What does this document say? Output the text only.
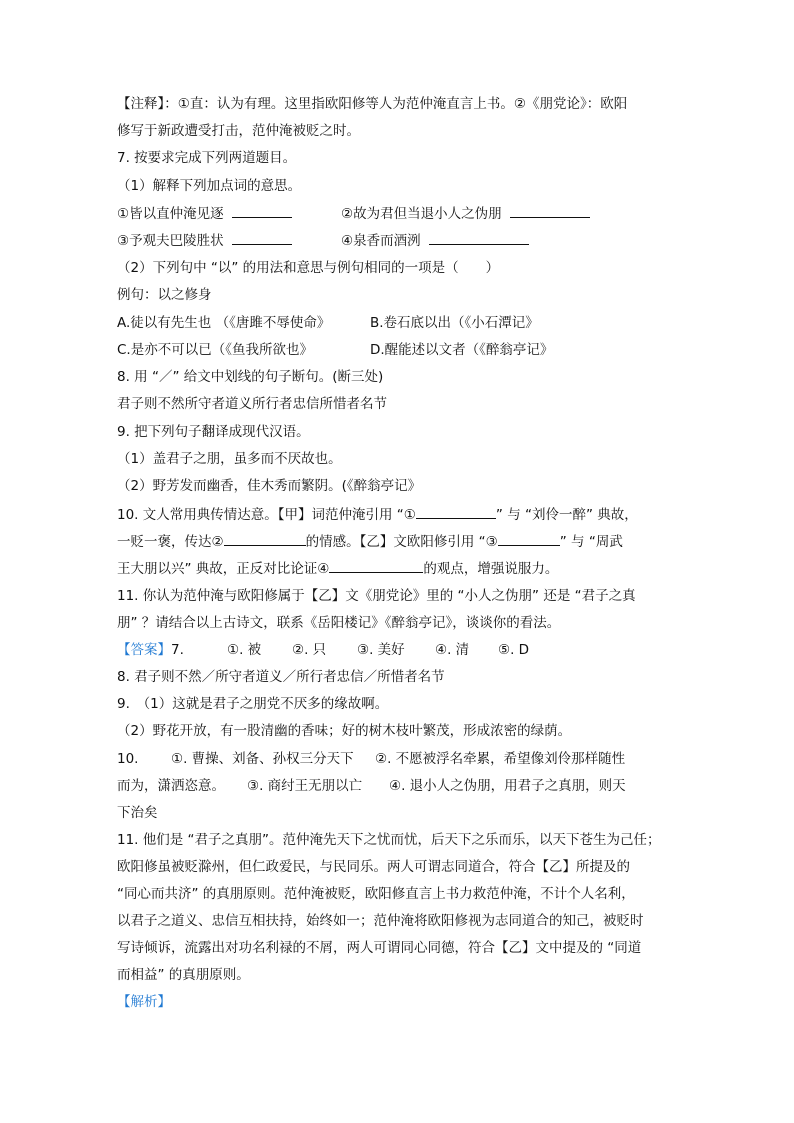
【注释】：①直：认为有理。这里指欧阳修等人为范仲淹直言上书。②《朋党论》：欧阳
修写于新政遭受打击，范仲淹被贬之时。
7. 按要求完成下列两道题目。
（1）解释下列加点词的意思。
①皆以直仲淹见逐	②故为君但当退小人之伪朋
③予观夫巴陵胜状	④泉香而酒洌
（2）下列句中 “以” 的用法和意思与例句相同的一项是（　　）
例句：以之修身
A.徒以有先生也 （《唐雎不辱使命》	B.卷石底以出（《小石潭记》
C.是亦不可以已（《鱼我所欲也》	D.醒能述以文者（《醉翁亭记》
8. 用 “／” 给文中划线的句子断句。(断三处)
君子则不然所守者道义所行者忠信所惜者名节
9. 把下列句子翻译成现代汉语。
（1）盖君子之朋，虽多而不厌故也。
（2）野芳发而幽香，佳木秀而繁阴。(《醉翁亭记》
10. 文人常用典传情达意。【甲】词范仲淹引用 “①	” 与 “刘伶一醉” 典故，
一贬一褒，传达②	的情感。【乙】文欧阳修引用 “③	” 与 “周武
王大朋以兴” 典故，正反对比论证④	的观点，增强说服力。
11. 你认为范仲淹与欧阳修属于【乙】文《朋党论》里的 “小人之伪朋” 还是 “君子之真
朋” ？请结合以上古诗文，联系《岳阳楼记》《醉翁亭记》，谈谈你的看法。
【答案】7.	①. 被 ②. 只 ③. 美好 ④. 清 ⑤. D
8. 君子则不然／所守者道义／所行者忠信／所惜者名节
9.　（1）这就是君子之朋党不厌多的缘故啊。
（2）野花开放，有一股清幽的香味；好的树木枝叶繁茂，形成浓密的绿荫。
10. ①. 曹操、刘备、孙权三分天下 ②. 不愿被浮名牵累，希望像刘伶那样随性
而为，潇洒恣意。 ③. 商纣王无朋以亡 ④. 退小人之伪朋，用君子之真朋，则天
下治矣
11. 他们是 “君子之真朋”。范仲淹先天下之忧而忧，后天下之乐而乐，以天下苍生为己任；
欧阳修虽被贬滁州，但仁政爱民，与民同乐。两人可谓志同道合，符合【乙】所提及的
“同心而共济” 的真朋原则。范仲淹被贬，欧阳修直言上书力救范仲淹，不计个人名利，
以君子之道义、忠信互相扶持，始终如一；范仲淹将欧阳修视为志同道合的知己，被贬时
写诗倾诉，流露出对功名利禄的不屑，两人可谓同心同德，符合【乙】文中提及的 “同道
而相益” 的真朋原则。
【解析】
